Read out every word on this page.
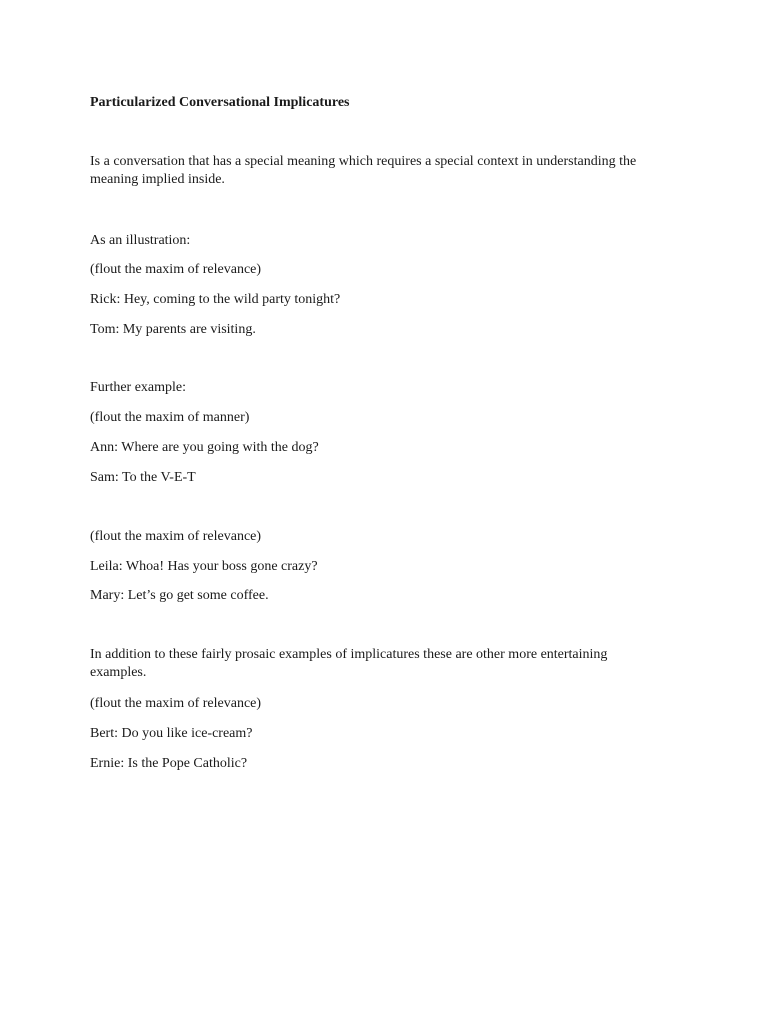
Particularized Conversational Implicatures
Is a conversation that has a special meaning which requires a special context in understanding the meaning implied inside.
As an illustration:
(flout the maxim of relevance)
Rick: Hey, coming to the wild party tonight?
Tom: My parents are visiting.
Further example:
(flout the maxim of manner)
Ann: Where are you going with the dog?
Sam: To the V-E-T
(flout the maxim of relevance)
Leila: Whoa! Has your boss gone crazy?
Mary: Let’s go get some coffee.
In addition to these fairly prosaic examples of implicatures these are other more entertaining examples.
(flout the maxim of relevance)
Bert: Do you like ice-cream?
Ernie: Is the Pope Catholic?
